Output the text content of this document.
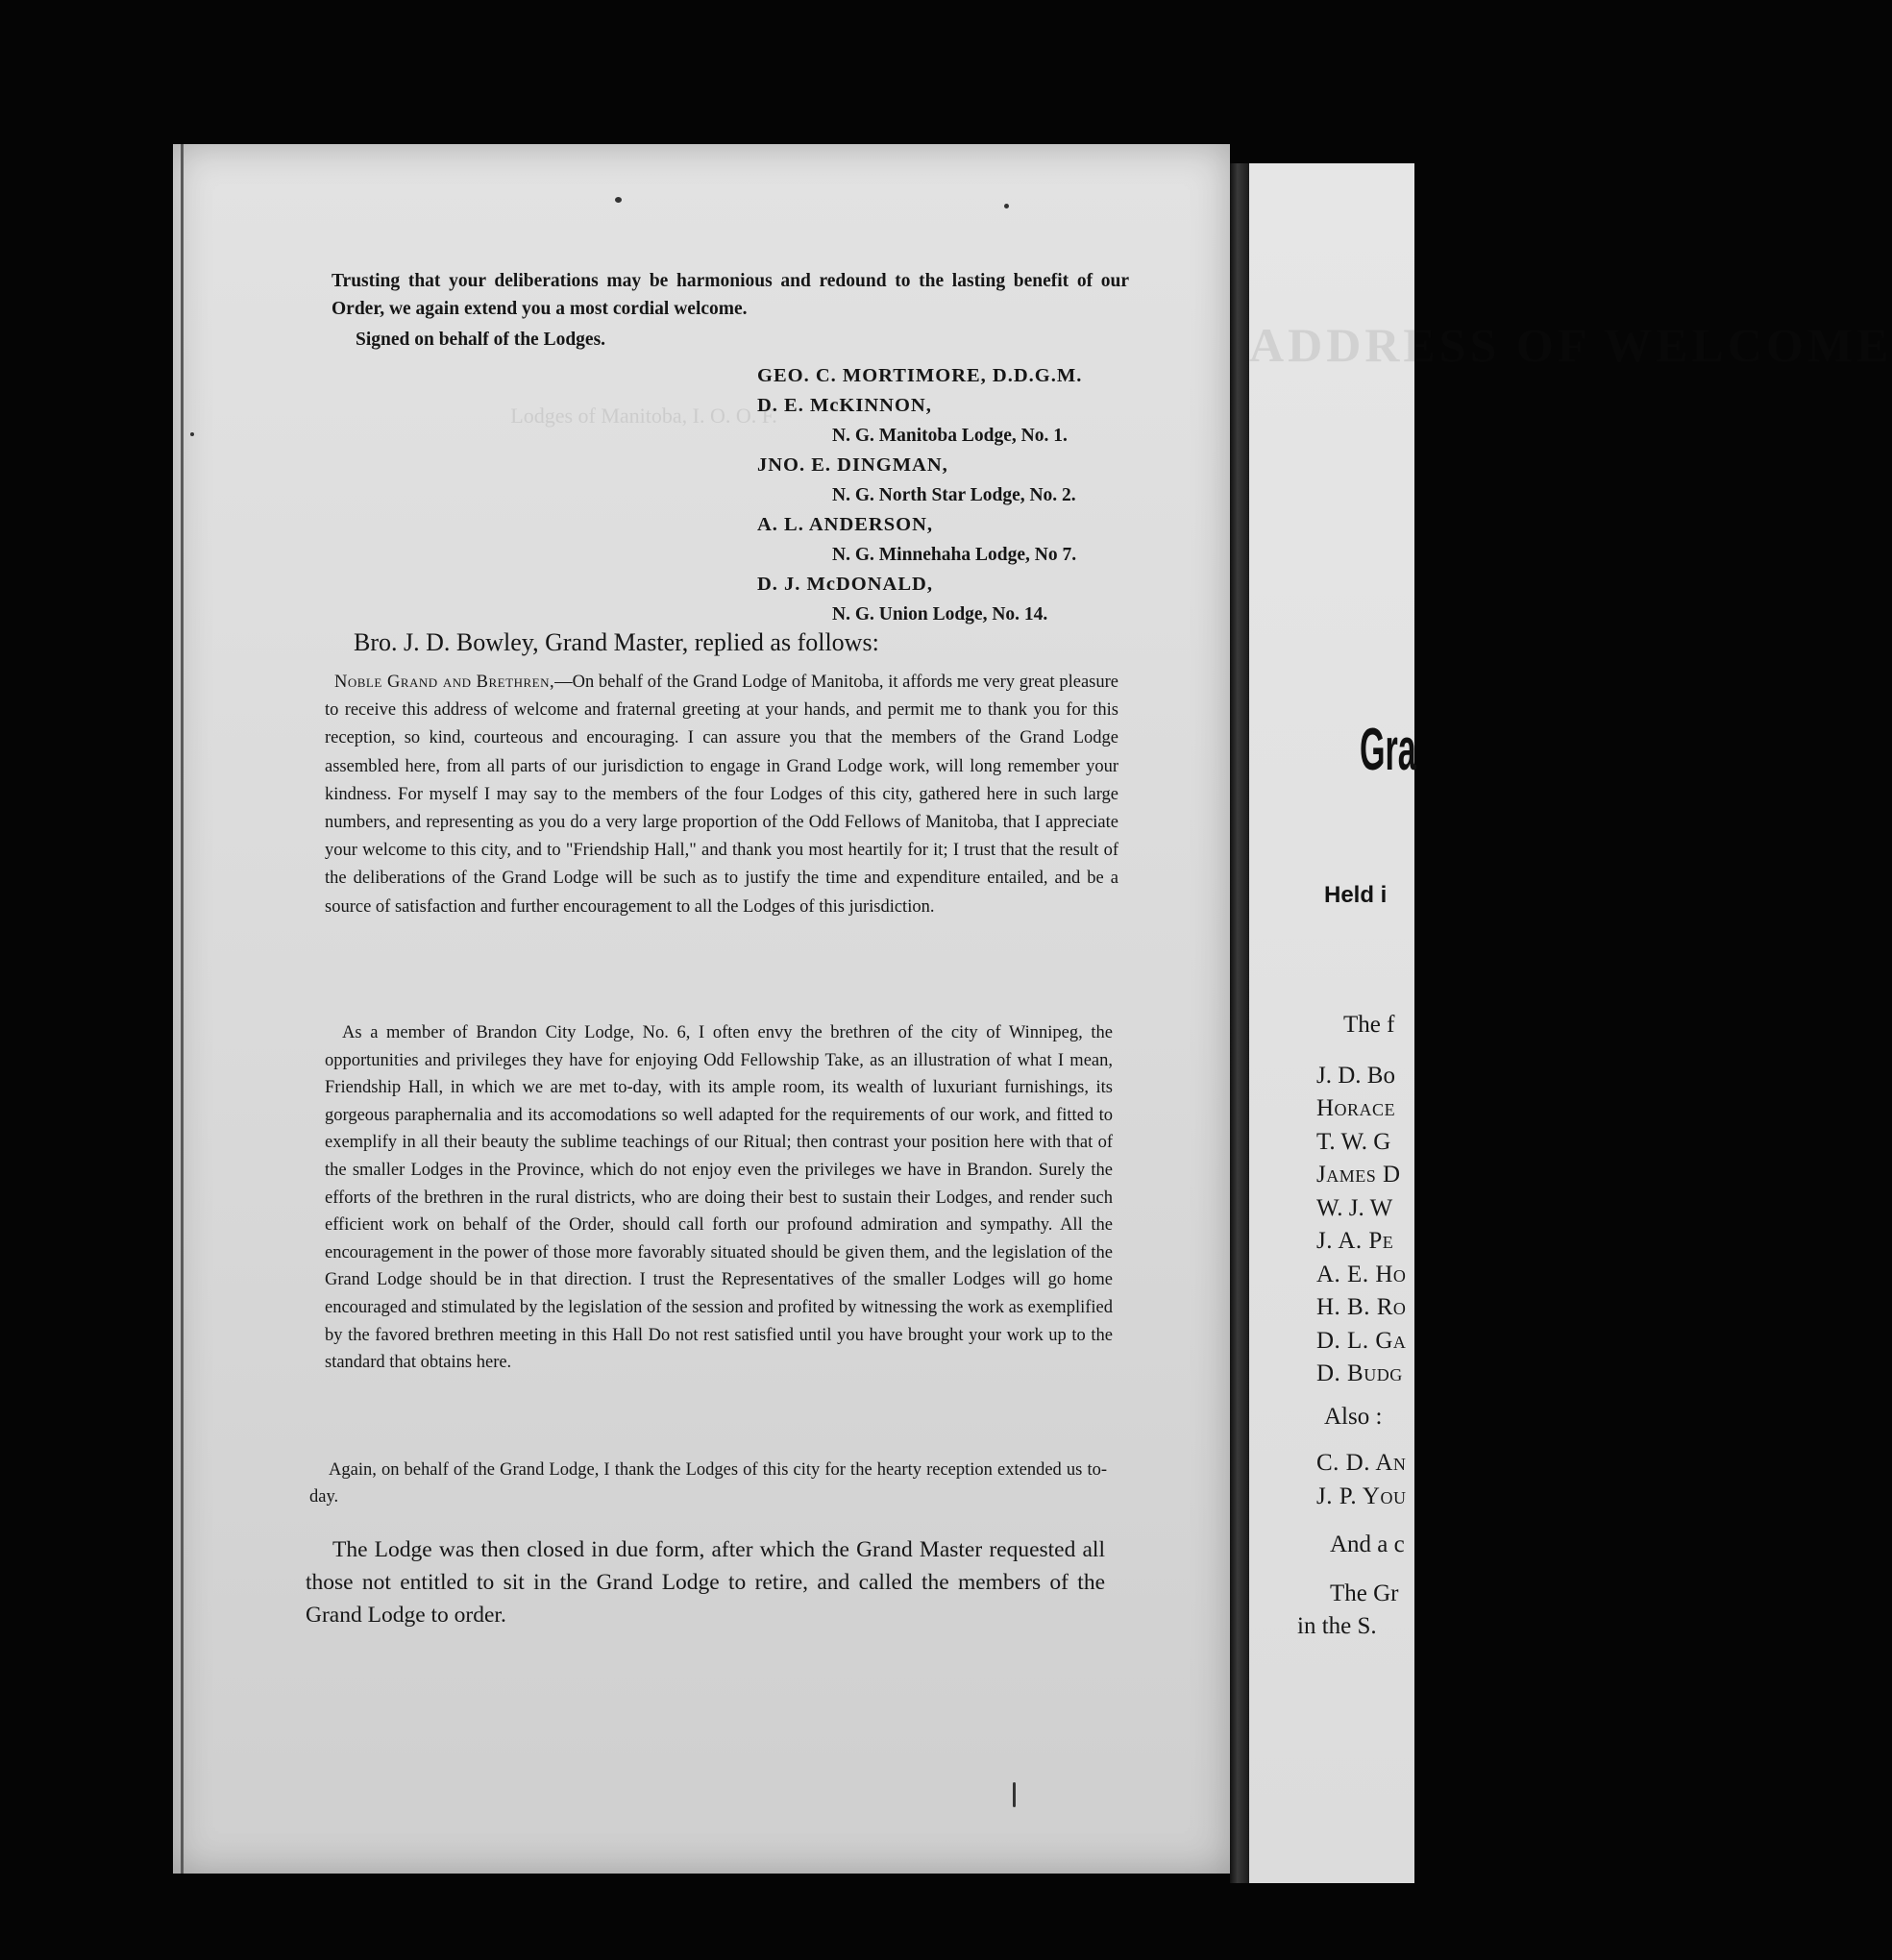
ADDRESS OF WELCOME
Lodges of Manitoba, I. O. O. F.
Trusting that your deliberations may be harmonious and redound to the lasting benefit of our Order, we again extend you a most cordial welcome.
Signed on behalf of the Lodges.
GEO. C. MORTIMORE, D.D.G.M.
D. E. McKINNON,
N. G. Manitoba Lodge, No. 1.
JNO. E. DINGMAN,
N. G. North Star Lodge, No. 2.
A. L. ANDERSON,
N. G. Minnehaha Lodge, No 7.
D. J. McDONALD,
N. G. Union Lodge, No. 14.
Bro. J. D. Bowley, Grand Master, replied as follows:
Noble Grand and Brethren,—On behalf of the Grand Lodge of Manitoba, it affords me very great pleasure to receive this address of welcome and fraternal greeting at your hands, and permit me to thank you for this reception, so kind, courteous and encouraging. I can assure you that the members of the Grand Lodge assembled here, from all parts of our jurisdiction to engage in Grand Lodge work, will long remember your kindness. For myself I may say to the members of the four Lodges of this city, gathered here in such large numbers, and representing as you do a very large proportion of the Odd Fellows of Manitoba, that I appreciate your welcome to this city, and to "Friendship Hall," and thank you most heartily for it; I trust that the result of the deliberations of the Grand Lodge will be such as to justify the time and expenditure entailed, and be a source of satisfaction and further encouragement to all the Lodges of this jurisdiction.
As a member of Brandon City Lodge, No. 6, I often envy the brethren of the city of Winnipeg, the opportunities and privileges they have for enjoying Odd Fellowship Take, as an illustration of what I mean, Friendship Hall, in which we are met to-day, with its ample room, its wealth of luxuriant furnishings, its gorgeous paraphernalia and its accomodations so well adapted for the requirements of our work, and fitted to exemplify in all their beauty the sublime teachings of our Ritual; then contrast your position here with that of the smaller Lodges in the Province, which do not enjoy even the privileges we have in Brandon. Surely the efforts of the brethren in the rural districts, who are doing their best to sustain their Lodges, and render such efficient work on behalf of the Order, should call forth our profound admiration and sympathy. All the encouragement in the power of those more favorably situated should be given them, and the legislation of the Grand Lodge should be in that direction. I trust the Representatives of the smaller Lodges will go home encouraged and stimulated by the legislation of the session and profited by witnessing the work as exemplified by the favored brethren meeting in this Hall Do not rest satisfied until you have brought your work up to the standard that obtains here.
Again, on behalf of the Grand Lodge, I thank the Lodges of this city for the hearty reception extended us to-day.
The Lodge was then closed in due form, after which the Grand Master requested all those not entitled to sit in the Grand Lodge to retire, and called the members of the Grand Lodge to order.
Gra
Held i
The f
J. D. Bo
Horace
T. W. G
James D
W. J. W
J. A. Pe
A. E. Ho
H. B. Ro
D. L. Ga
D. Budg
Also :
C. D. An
J. P. You
And a c
The Gr
in the S.
